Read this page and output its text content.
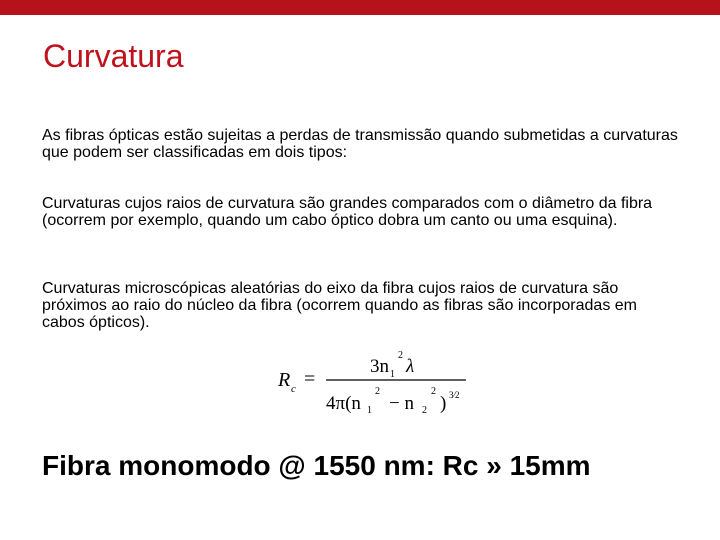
Curvatura

As fibras ópticas estão sujeitas a perdas de transmissão quando submetidas a curvaturas que podem ser classificadas em dois tipos:

Curvaturas cujos raios de curvatura são grandes comparados com o diâmetro da fibra (ocorrem por exemplo, quando um cabo óptico dobra um canto ou uma esquina).

Curvaturas microscópicas aleatórias do eixo da fibra cujos raios de curvatura são próximos ao raio do núcleo da fibra (ocorrem quando as fibras são incorporadas em cabos ópticos).

R c =
3n 1
2
λ
4π(n 1
2
− n 2
2
) 3⁄2

Fibra monomodo @ 1550 nm: Rc » 15mm
